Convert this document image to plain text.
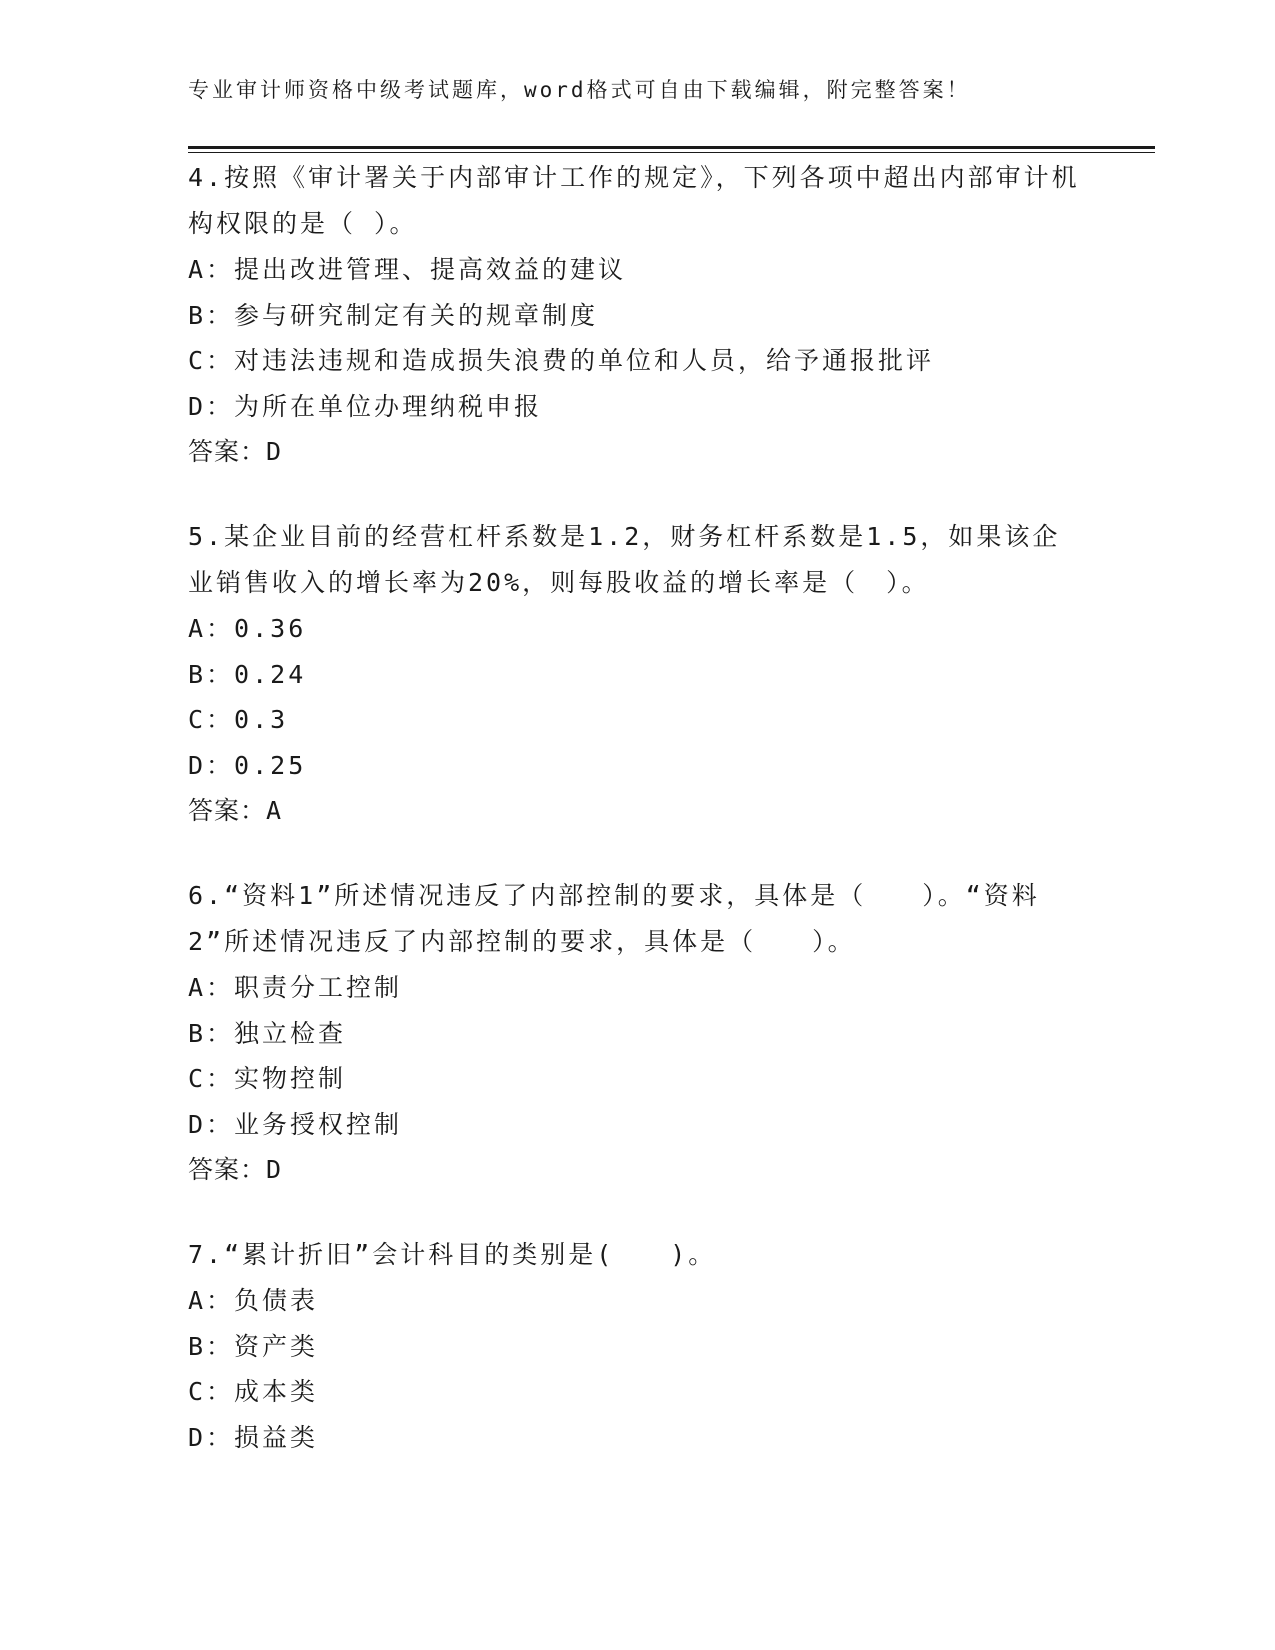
专业审计师资格中级考试题库，word格式可自由下载编辑，附完整答案！

4.按照《审计署关于内部审计工作的规定》，下列各项中超出内部审计机构权限的是（ ）。

A：提出改进管理、提高效益的建议

B：参与研究制定有关的规章制度

C：对违法违规和造成损失浪费的单位和人员，给予通报批评

D：为所在单位办理纳税申报

答案：D

5.某企业目前的经营杠杆系数是1.2，财务杠杆系数是1.5，如果该企业销售收入的增长率为20%，则每股收益的增长率是（　）。

A：0.36

B：0.24

C：0.3

D：0.25

答案：A

6.“资料1”所述情况违反了内部控制的要求，具体是（　　）。“资料2”所述情况违反了内部控制的要求，具体是（　　）。

A：职责分工控制

B：独立检查

C：实物控制

D：业务授权控制

答案：D

7.“累计折旧”会计科目的类别是(　　)。

A：负债表

B：资产类

C：成本类

D：损益类
